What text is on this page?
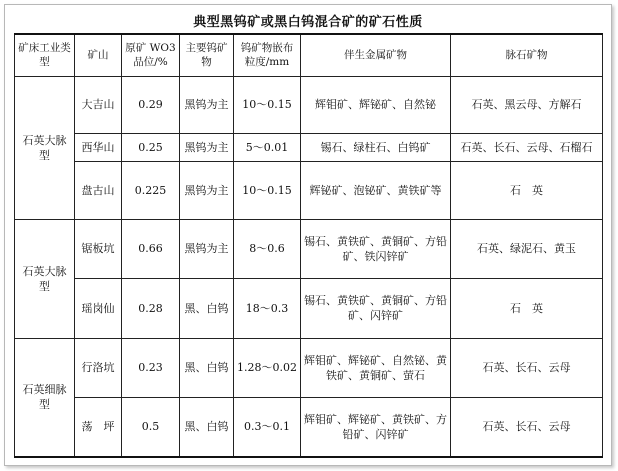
典型黑钨矿或黑白钨混合矿的矿石性质
矿床工业类型	矿山	原矿 WO3 品位/%	主要钨矿物	钨矿物嵌布粒度/mm	伴生金属矿物	脉石矿物
石英大脉型	大吉山	0.29	黑钨为主	10～0.15	辉钼矿、辉铋矿、自然铋	石英、黑云母、方解石
	西华山	0.25	黑钨为主	5～0.01	锡石、绿柱石、白钨矿	石英、长石、云母、石榴石
	盘古山	0.225	黑钨为主	10～0.15	辉铋矿、泡铋矿、黄铁矿等	石　英
石英大脉型	锯板坑	0.66	黑钨为主	8～0.6	锡石、黄铁矿、黄铜矿、方铅矿、铁闪锌矿	石英、绿泥石、黄玉
	瑶岗仙	0.28	黑、白钨	18～0.3	锡石、黄铁矿、黄铜矿、方铅矿、闪锌矿	石　英
石英细脉型	行洛坑	0.23	黑、白钨	1.28～0.02	辉钼矿、辉铋矿、自然铋、黄铁矿、黄铜矿、萤石	石英、长石、云母
	荡　坪	0.5	黑、白钨	0.3～0.1	辉钼矿、辉铋矿、黄铁矿、方铅矿、闪锌矿	石英、长石、云母
